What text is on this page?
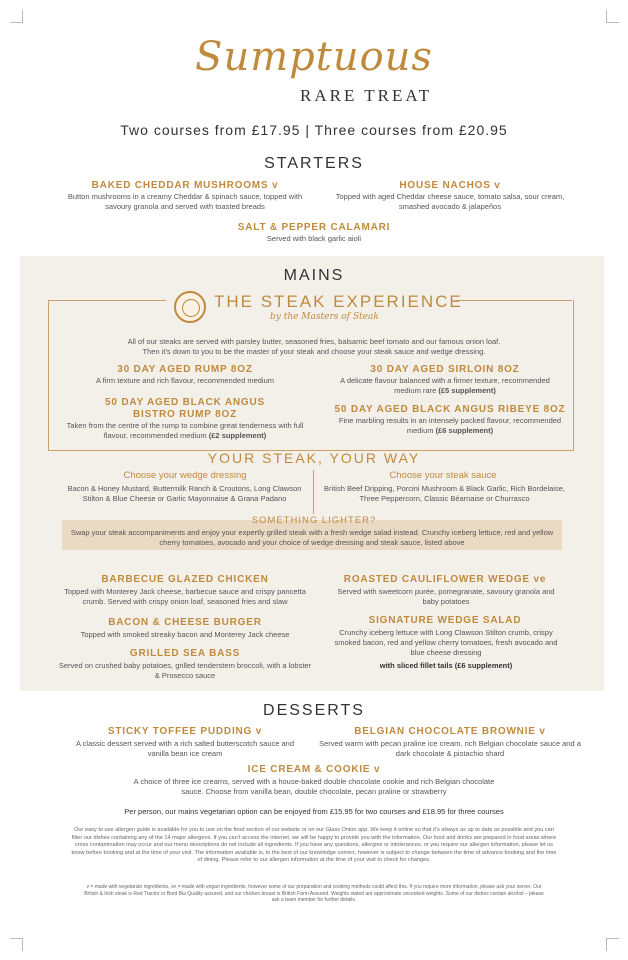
Sumptuous
RARE TREAT
Two courses from £17.95 | Three courses from £20.95
STARTERS
BAKED CHEDDAR MUSHROOMS v
Button mushrooms in a creamy Cheddar & spinach sauce, topped with savoury granola and served with toasted breads
HOUSE NACHOS v
Topped with aged Cheddar cheese sauce, tomato salsa, sour cream, smashed avocado & jalapeños
SALT & PEPPER CALAMARI
Served with black garlic aioli
MAINS
THE STEAK EXPERIENCE
by the Masters of Steak
All of our steaks are served with parsley butter, seasoned fries, balsamic beef tomato and our famous onion loaf.
Then it's down to you to be the master of your steak and choose your steak sauce and wedge dressing.
30 DAY AGED RUMP 8OZ
A firm texture and rich flavour, recommended medium
30 DAY AGED SIRLOIN 8OZ
A delicate flavour balanced with a firmer texture, recommended medium rare (£5 supplement)
50 DAY AGED BLACK ANGUS
BISTRO RUMP 8OZ
Taken from the centre of the rump to combine great tenderness with full flavour, recommended medium (£2 supplement)
50 DAY AGED BLACK ANGUS RIBEYE 8OZ
Fine marbling results in an intensely packed flavour, recommended medium (£6 supplement)
YOUR STEAK, YOUR WAY
Choose your wedge dressing
Bacon & Honey Mustard, Buttermilk Ranch & Croutons, Long Clawson Stilton & Blue Cheese or Garlic Mayonnaise & Grana Padano
Choose your steak sauce
British Beef Dripping, Porcini Mushroom & Black Garlic, Rich Bordelaise, Three Peppercorn, Classic Béarnaise or Churrasco
SOMETHING LIGHTER?
Swap your steak accompaniments and enjoy your expertly grilled steak with a fresh wedge salad instead. Crunchy iceberg lettuce, red and yellow cherry tomatoes, avocado and your choice of wedge dressing and steak sauce, listed above
BARBECUE GLAZED CHICKEN
Topped with Monterey Jack cheese, barbecue sauce and crispy pancetta crumb. Served with crispy onion loaf, seasoned fries and slaw
ROASTED CAULIFLOWER WEDGE ve
Served with sweetcorn purée, pomegranate, savoury granola and baby potatoes
BACON & CHEESE BURGER
Topped with smoked streaky bacon and Monterey Jack cheese
SIGNATURE WEDGE SALAD
Crunchy iceberg lettuce with Long Clawson Stilton crumb, crispy smoked bacon, red and yellow cherry tomatoes, fresh avocado and blue cheese dressing
with sliced fillet tails (£6 supplement)
GRILLED SEA BASS
Served on crushed baby potatoes, grilled tenderstem broccoli, with a lobster & Prosecco sauce
DESSERTS
STICKY TOFFEE PUDDING v
A classic dessert served with a rich salted butterscotch sauce and vanilla bean ice cream
BELGIAN CHOCOLATE BROWNIE v
Served warm with pecan praline ice cream, rich Belgian chocolate sauce and a dark chocolate & pistachio shard
ICE CREAM & COOKIE v
A choice of three ice creams, served with a house-baked double chocolate cookie and rich Belgian chocolate sauce. Choose from vanilla bean, double chocolate, pecan praline or strawberry
Per person, our mains vegetarian option can be enjoyed from £15.95 for two courses and £18.95 for three courses
Our easy to use allergen guide is available for you to use on the food section of our website or on our Glass Onion app. We keep it online so that it's always as up to date as possible and you can filter our dishes containing any of the 14 major allergens. If you can't access the internet, we will be happy to provide you with the information. Our food and drinks are prepared in food areas where cross contamination may occur and our menu descriptions do not include all ingredients. If you have any questions, allergies or intolerances, or you require our allergen information, please let us know before booking and at the time of your visit. The information available is, to the best of our knowledge correct, however is subject to change between the time of advance booking and the time of dining. Please refer to our allergen information at the time of your visit to check for changes.
v = made with vegetarian ingredients, ve = made with vegan ingredients, however some of our preparation and cooking methods could affect this. If you require more information, please ask your server. Our British & Irish steak is Red Tractor or Bord Bia Quality assured, and our chicken breast is British Farm Assured. Weights stated are approximate uncooked weights. Some of our dishes contain alcohol – please ask a team member for further details.
